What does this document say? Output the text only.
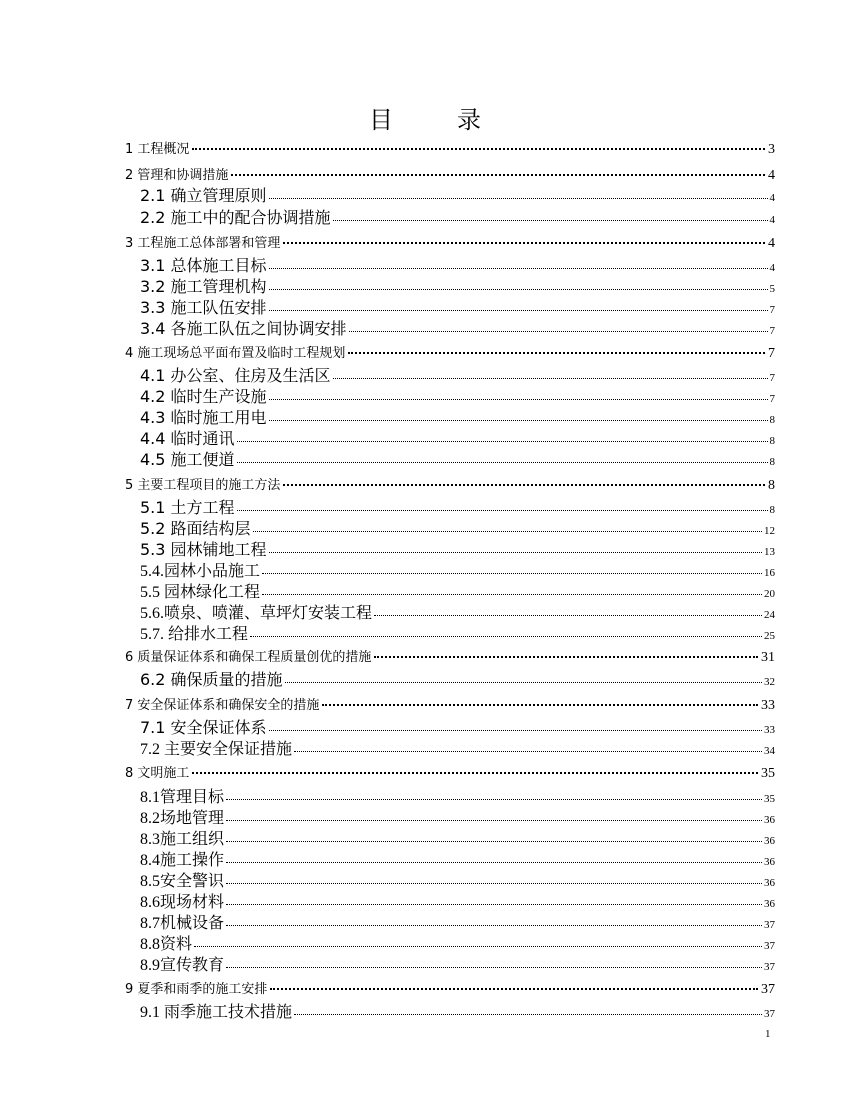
目	录
1 工程概况	3
2 管理和协调措施	4
2.1 确立管理原则	4
2.2 施工中的配合协调措施	4
3 工程施工总体部署和管理	4
3.1 总体施工目标	4
3.2 施工管理机构	5
3.3 施工队伍安排	7
3.4 各施工队伍之间协调安排	7
4 施工现场总平面布置及临时工程规划	7
4.1 办公室、住房及生活区	7
4.2 临时生产设施	7
4.3 临时施工用电	8
4.4 临时通讯	8
4.5 施工便道	8
5 主要工程项目的施工方法	8
5.1 土方工程	8
5.2 路面结构层	12
5.3 园林铺地工程	13
5.4.园林小品施工	16
5.5 园林绿化工程	20
5.6.喷泉、喷灌、草坪灯安装工程	24
5.7. 给排水工程	25
6 质量保证体系和确保工程质量创优的措施	31
6.2 确保质量的措施	32
7 安全保证体系和确保安全的措施	33
7.1 安全保证体系	33
7.2 主要安全保证措施	34
8 文明施工	35
8.1管理目标	35
8.2场地管理	36
8.3施工组织	36
8.4施工操作	36
8.5安全警识	36
8.6现场材料	36
8.7机械设备	37
8.8资料	37
8.9宣传教育	37
9 夏季和雨季的施工安排	37
9.1 雨季施工技术措施	37
1
